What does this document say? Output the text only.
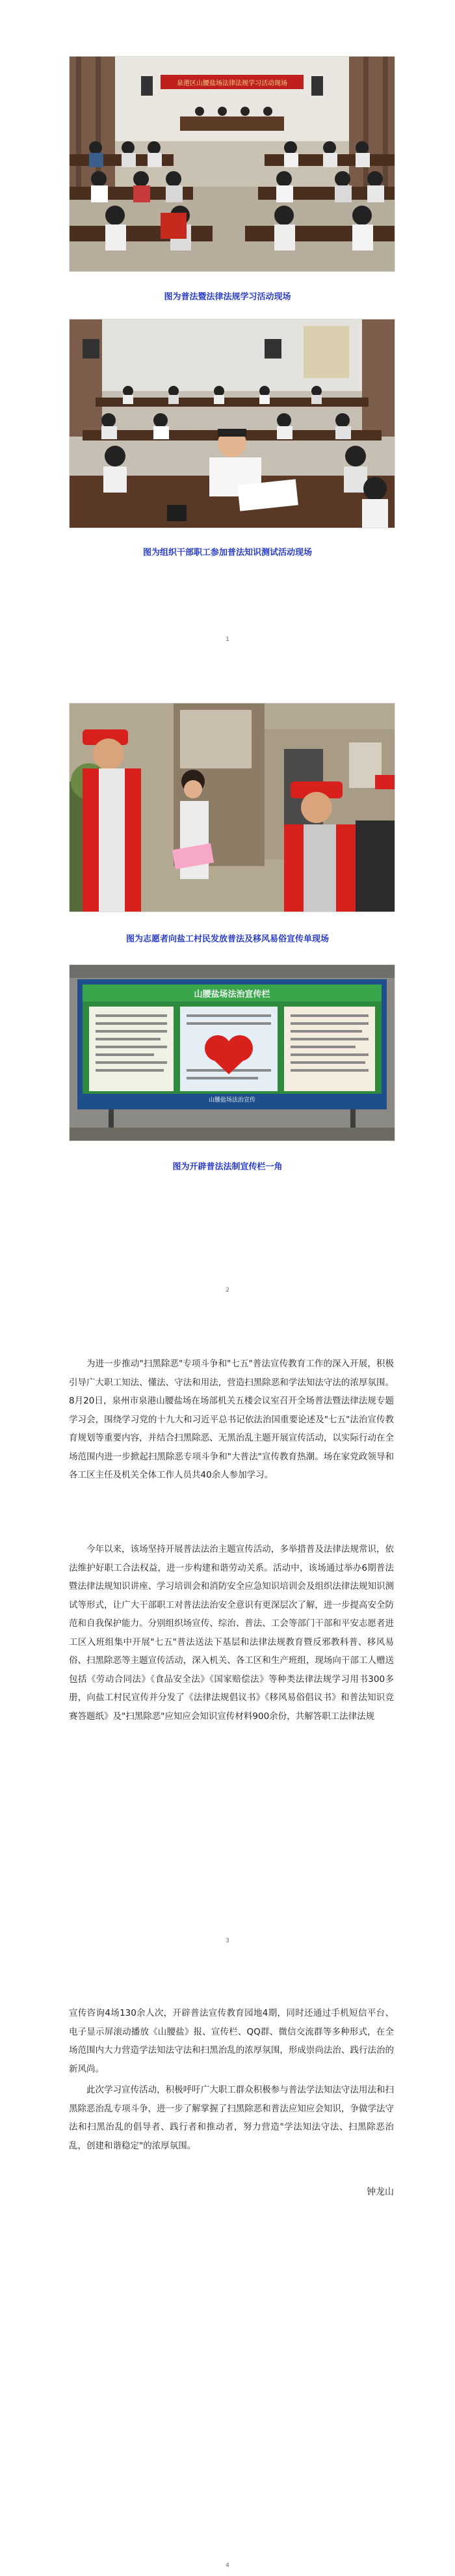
泉港区山腰盐场法律法规学习活动现场
图为普法暨法律法规学习活动现场
图为组织干部职工参加普法知识测试活动现场
1
图为志愿者向盐工村民发放普法及移风易俗宣传单现场
山腰盐场法治宣传栏
山腰盐场法治宣传
图为开辟普法法制宣传栏一角
2

为进一步推动"扫黑除恶"专项斗争和"七五"普法宣传教育工作的深入开展，积极引导广大职工知法、懂法、守法和用法，营造扫黑除恶和学法知法守法的浓厚氛围。8月20日，泉州市泉港山腰盐场在场部机关五楼会议室召开全场普法暨法律法规专题学习会，围绕学习党的十九大和习近平总书记依法治国重要论述及"七五"法治宣传教育规划等重要内容，并结合扫黑除恶、无黑治乱主题开展宣传活动，以实际行动在全场范围内进一步掀起扫黑除恶专项斗争和"大普法"宣传教育热潮。场在家党政领导和各工区主任及机关全体工作人员共40余人参加学习。

今年以来，该场坚持开展普法法治主题宣传活动，多举措普及法律法规常识，依法维护好职工合法权益，进一步构建和谐劳动关系。活动中，该场通过举办6期普法暨法律法规知识讲座、学习培训会和消防安全应急知识培训会及组织法律法规知识测试等形式，让广大干部职工对普法法治安全意识有更深层次了解，进一步提高安全防范和自我保护能力。分别组织场宣传、综治、普法、工会等部门干部和平安志愿者进工区入班组集中开展"七五"普法送法下基层和法律法规教育暨反邪教科普、移风易俗、扫黑除恶等主题宣传活动，深入机关、各工区和生产班组，现场向干部工人赠送包括《劳动合同法》《食品安全法》《国家赔偿法》等种类法律法规学习用书300多册，向盐工村民宣传并分发了《法律法规倡议书》《移风易俗倡议书》和普法知识竞赛答题纸》及"扫黑除恶"应知应会知识宣传材料900余份，共解答职工法律法规

3

宣传咨询4场130余人次，开辟普法宣传教育园地4期，同时还通过手机短信平台、电子显示屏滚动播放《山腰盐》报、宣传栏、QQ群、微信交流群等多种形式，在全场范围内大力营造学法知法守法和扫黑治乱的浓厚氛围，形成崇尚法治、践行法治的新风尚。

此次学习宣传活动，积极呼吁广大职工群众积极参与普法学法知法守法用法和扫黑除恶治乱专项斗争，进一步了解掌握了扫黑除恶和普法应知应会知识，争做学法守法和扫黑治乱的倡导者、践行者和推动者，努力营造"学法知法守法、扫黑除恶治乱，创建和谐稳定"的浓厚氛围。

钟龙山
4
